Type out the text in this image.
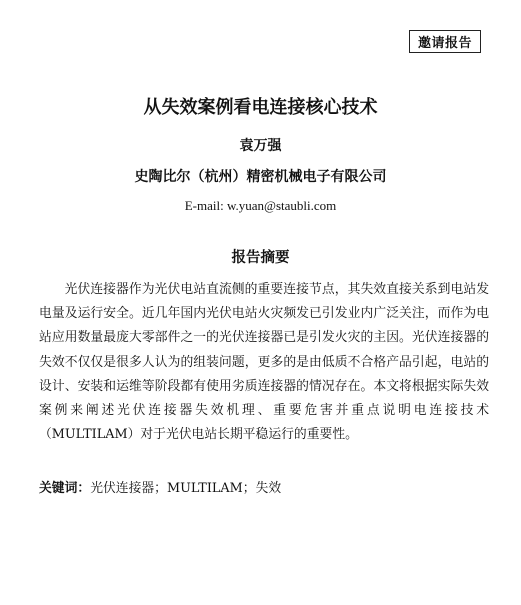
邀请报告
从失效案例看电连接核心技术
袁万强
史陶比尔（杭州）精密机械电子有限公司
E-mail: w.yuan@staubli.com
报告摘要

光伏连接器作为光伏电站直流侧的重要连接节点，其失效直接关系到电站发电量及运行安全。近几年国内光伏电站火灾频发已引发业内广泛关注，而作为电站应用数量最庞大零部件之一的光伏连接器已是引发火灾的主因。光伏连接器的失效不仅仅是很多人认为的组装问题，更多的是由低质不合格产品引起，电站的设计、安装和运维等阶段都有使用劣质连接器的情况存在。本文将根据实际失效案例来阐述光伏连接器失效机理、重要危害并重点说明电连接技术（MULTILAM）对于光伏电站长期平稳运行的重要性。

关键词：光伏连接器；MULTILAM；失效
